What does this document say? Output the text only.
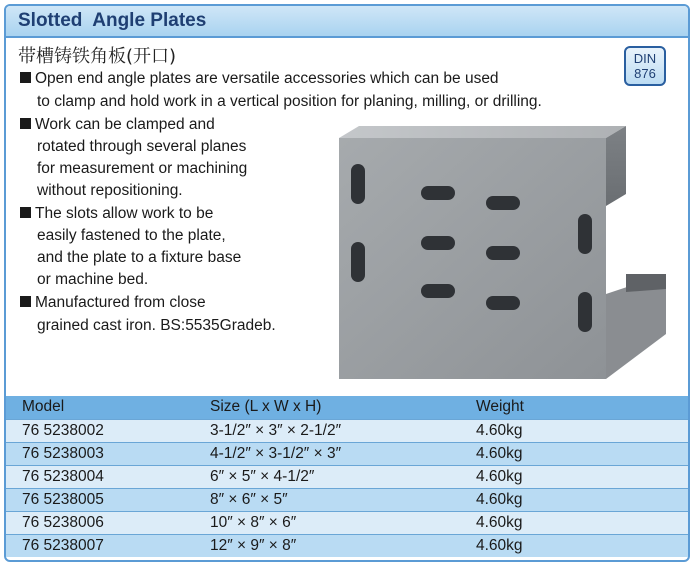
Slotted  Angle Plates
带槽铸铁角板(开口)	DIN
876
Open end angle plates are versatile accessories which can be used
to clamp and hold work in a vertical position for planing, milling, or drilling.
Work can be clamped and
rotated through several planes
for measurement or machining
without repositioning.
The slots allow work to be
easily fastened to the plate,
and the plate to a fixture base
or machine bed.
Manufactured from close
grained cast iron. BS:5535Gradeb.
Model	Size (L x W x H)	Weight
76 5238002	3-1/2″ × 3″ × 2-1/2″	4.60kg
76 5238003	4-1/2″ × 3-1/2″ × 3″	4.60kg
76 5238004	6″ × 5″ × 4-1/2″	4.60kg
76 5238005	8″ × 6″ × 5″	4.60kg
76 5238006	10″ × 8″ × 6″	4.60kg
76 5238007	12″ × 9″ × 8″	4.60kg
